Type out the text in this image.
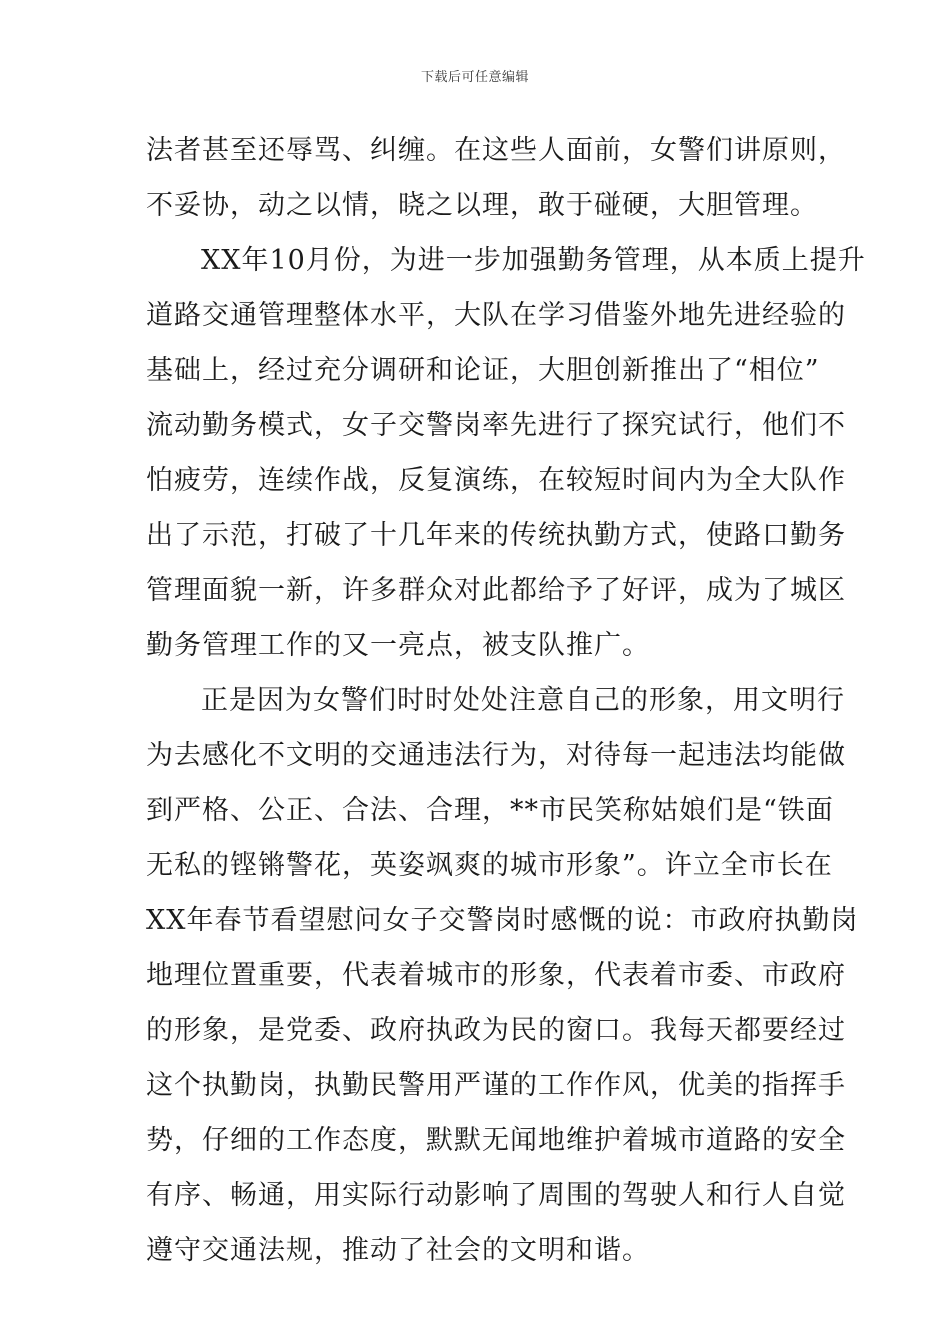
下载后可任意编辑
法者甚至还辱骂、纠缠。在这些人面前，女警们讲原则，
不妥协，动之以情，晓之以理，敢于碰硬，大胆管理。
XX年10月份，为进一步加强勤务管理，从本质上提升
道路交通管理整体水平，大队在学习借鉴外地先进经验的
基础上，经过充分调研和论证，大胆创新推出了“相位”
流动勤务模式，女子交警岗率先进行了探究试行，他们不
怕疲劳，连续作战，反复演练，在较短时间内为全大队作
出了示范，打破了十几年来的传统执勤方式，使路口勤务
管理面貌一新，许多群众对此都给予了好评，成为了城区
勤务管理工作的又一亮点，被支队推广。
正是因为女警们时时处处注意自己的形象，用文明行
为去感化不文明的交通违法行为，对待每一起违法均能做
到严格、公正、合法、合理，**市民笑称姑娘们是“铁面
无私的铿锵警花，英姿飒爽的城市形象”。许立全市长在
XX年春节看望慰问女子交警岗时感慨的说：市政府执勤岗
地理位置重要，代表着城市的形象，代表着市委、市政府
的形象，是党委、政府执政为民的窗口。我每天都要经过
这个执勤岗，执勤民警用严谨的工作作风，优美的指挥手
势，仔细的工作态度，默默无闻地维护着城市道路的安全
有序、畅通，用实际行动影响了周围的驾驶人和行人自觉
遵守交通法规，推动了社会的文明和谐。
